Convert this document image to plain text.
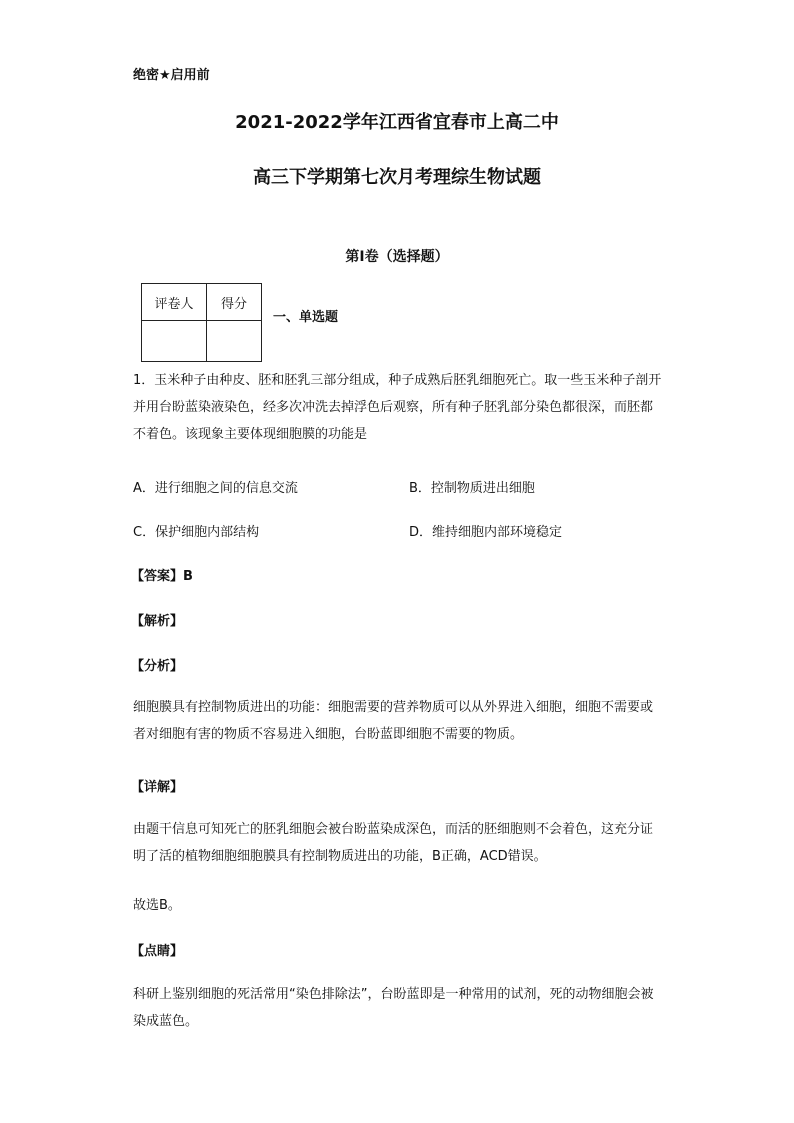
绝密★启用前
2021-2022学年江西省宜春市上高二中
高三下学期第七次月考理综生物试题
第I卷（选择题）
评卷人	得分

一、单选题
1．玉米种子由种皮、胚和胚乳三部分组成，种子成熟后胚乳细胞死亡。取一些玉米种子剖开并用台盼蓝染液染色，经多次冲洗去掉浮色后观察，所有种子胚乳部分染色都很深，而胚都不着色。该现象主要体现细胞膜的功能是
A．进行细胞之间的信息交流	B．控制物质进出细胞
C．保护细胞内部结构	D．维持细胞内部环境稳定
【答案】B
【解析】
【分析】
细胞膜具有控制物质进出的功能：细胞需要的营养物质可以从外界进入细胞，细胞不需要或者对细胞有害的物质不容易进入细胞，台盼蓝即细胞不需要的物质。
【详解】
由题干信息可知死亡的胚乳细胞会被台盼蓝染成深色，而活的胚细胞则不会着色，这充分证明了活的植物细胞细胞膜具有控制物质进出的功能，B正确，ACD错误。
故选B。
【点睛】
科研上鉴别细胞的死活常用“染色排除法”，台盼蓝即是一种常用的试剂，死的动物细胞会被染成蓝色。
